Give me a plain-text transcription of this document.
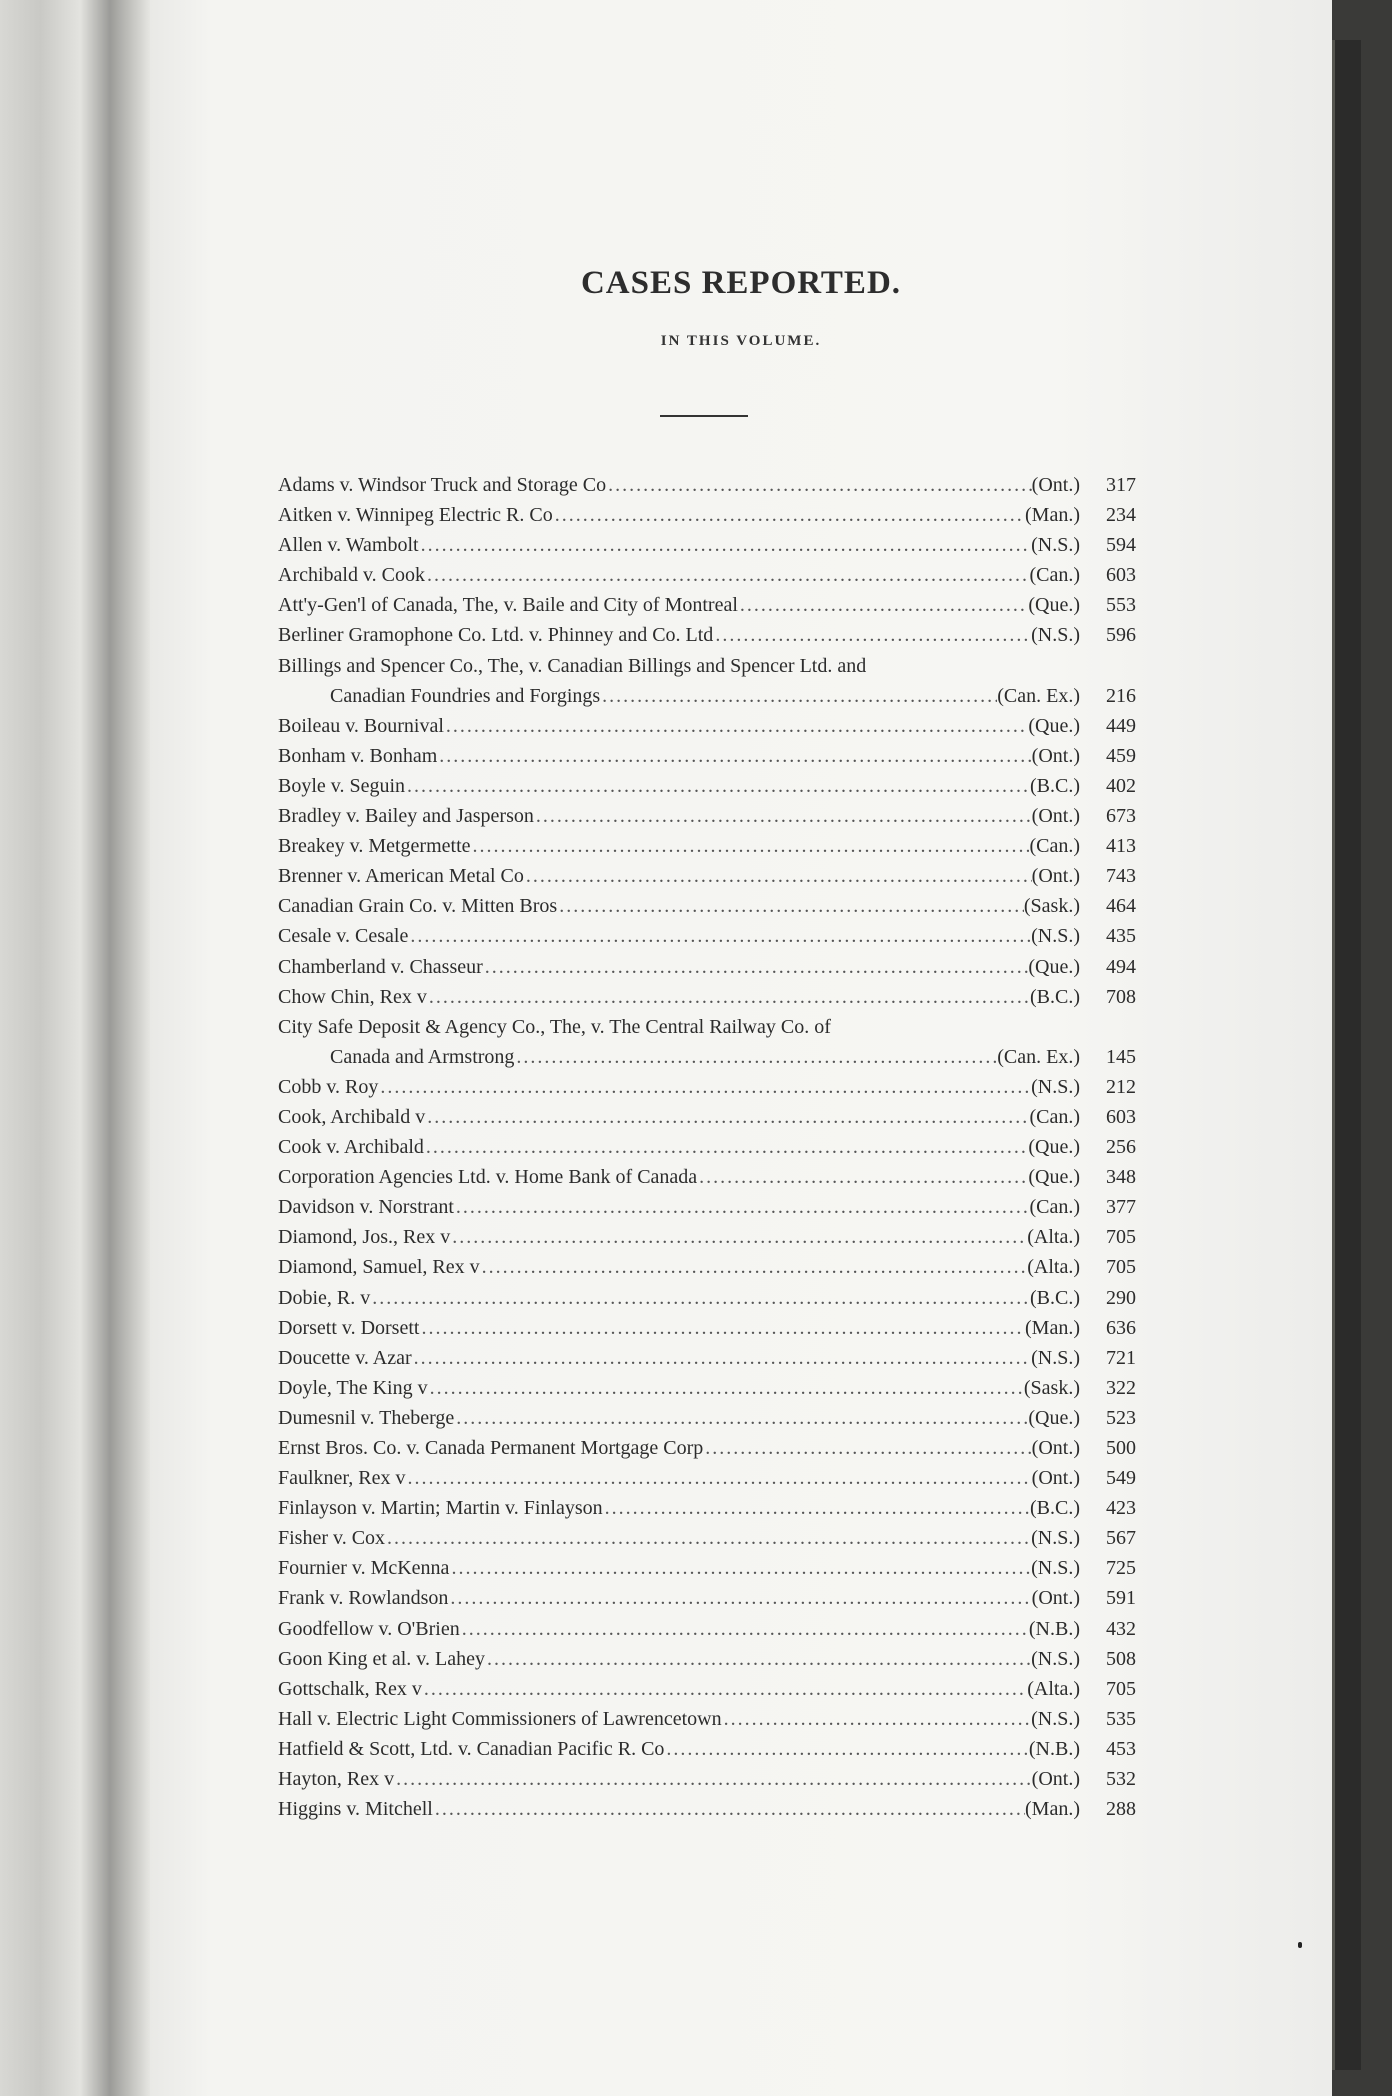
CASES REPORTED.
IN THIS VOLUME.
Adams v. Windsor Truck and Storage Co .....	(Ont.)	317
Aitken v. Winnipeg Electric R. Co .....	(Man.)	234
Allen v. Wambolt .....	(N.S.)	594
Archibald v. Cook .....	(Can.)	603
Att'y-Gen'l of Canada, The, v. Baile and City of Montreal .....	(Que.)	553
Berliner Gramophone Co. Ltd. v. Phinney and Co. Ltd .....	(N.S.)	596
Billings and Spencer Co., The, v. Canadian Billings and Spencer Ltd. and
Canadian Foundries and Forgings .....	(Can. Ex.)	216
Boileau v. Bournival .....	(Que.)	449
Bonham v. Bonham .....	(Ont.)	459
Boyle v. Seguin .....	(B.C.)	402
Bradley v. Bailey and Jasperson .....	(Ont.)	673
Breakey v. Metgermette .....	(Can.)	413
Brenner v. American Metal Co .....	(Ont.)	743
Canadian Grain Co. v. Mitten Bros .....	(Sask.)	464
Cesale v. Cesale .....	(N.S.)	435
Chamberland v. Chasseur .....	(Que.)	494
Chow Chin, Rex v .....	(B.C.)	708
City Safe Deposit & Agency Co., The, v. The Central Railway Co. of
Canada and Armstrong .....	(Can. Ex.)	145
Cobb v. Roy .....	(N.S.)	212
Cook, Archibald v .....	(Can.)	603
Cook v. Archibald .....	(Que.)	256
Corporation Agencies Ltd. v. Home Bank of Canada .....	(Que.)	348
Davidson v. Norstrant .....	(Can.)	377
Diamond, Jos., Rex v .....	(Alta.)	705
Diamond, Samuel, Rex v .....	(Alta.)	705
Dobie, R. v .....	(B.C.)	290
Dorsett v. Dorsett .....	(Man.)	636
Doucette v. Azar .....	(N.S.)	721
Doyle, The King v .....	(Sask.)	322
Dumesnil v. Theberge .....	(Que.)	523
Ernst Bros. Co. v. Canada Permanent Mortgage Corp .....	(Ont.)	500
Faulkner, Rex v .....	(Ont.)	549
Finlayson v. Martin; Martin v. Finlayson .....	(B.C.)	423
Fisher v. Cox .....	(N.S.)	567
Fournier v. McKenna .....	(N.S.)	725
Frank v. Rowlandson .....	(Ont.)	591
Goodfellow v. O'Brien .....	(N.B.)	432
Goon King et al. v. Lahey .....	(N.S.)	508
Gottschalk, Rex v .....	(Alta.)	705
Hall v. Electric Light Commissioners of Lawrencetown .....	(N.S.)	535
Hatfield & Scott, Ltd. v. Canadian Pacific R. Co .....	(N.B.)	453
Hayton, Rex v .....	(Ont.)	532
Higgins v. Mitchell .....	(Man.)	288
